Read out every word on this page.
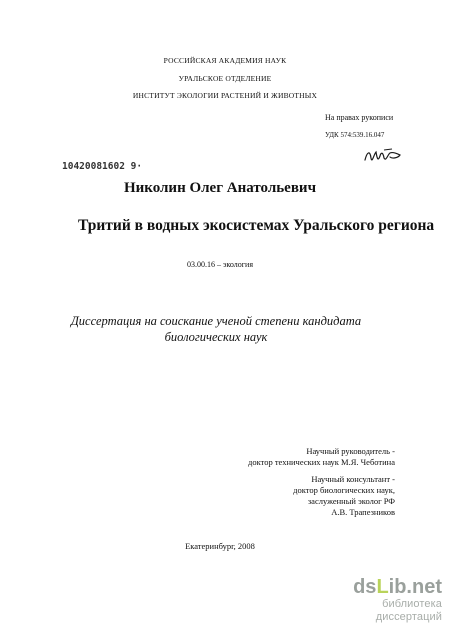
РОССИЙСКАЯ АКАДЕМИЯ НАУК
УРАЛЬСКОЕ ОТДЕЛЕНИЕ
ИНСТИТУТ ЭКОЛОГИИ РАСТЕНИЙ И ЖИВОТНЫХ
На правах рукописи
УДК 574:539.16.047
10420081602 9·
Николин Олег Анатольевич
Тритий в водных экосистемах Уральского региона
03.00.16 – экология
Диссертация на соискание ученой степени кандидата
биологических наук
Научный руководитель -
доктор технических наук М.Я. Чеботина
Научный консультант -
доктор биологических наук,
заслуженный эколог РФ
А.В. Трапезников
Екатеринбург, 2008
dsLib.net
библиотека диссертаций
